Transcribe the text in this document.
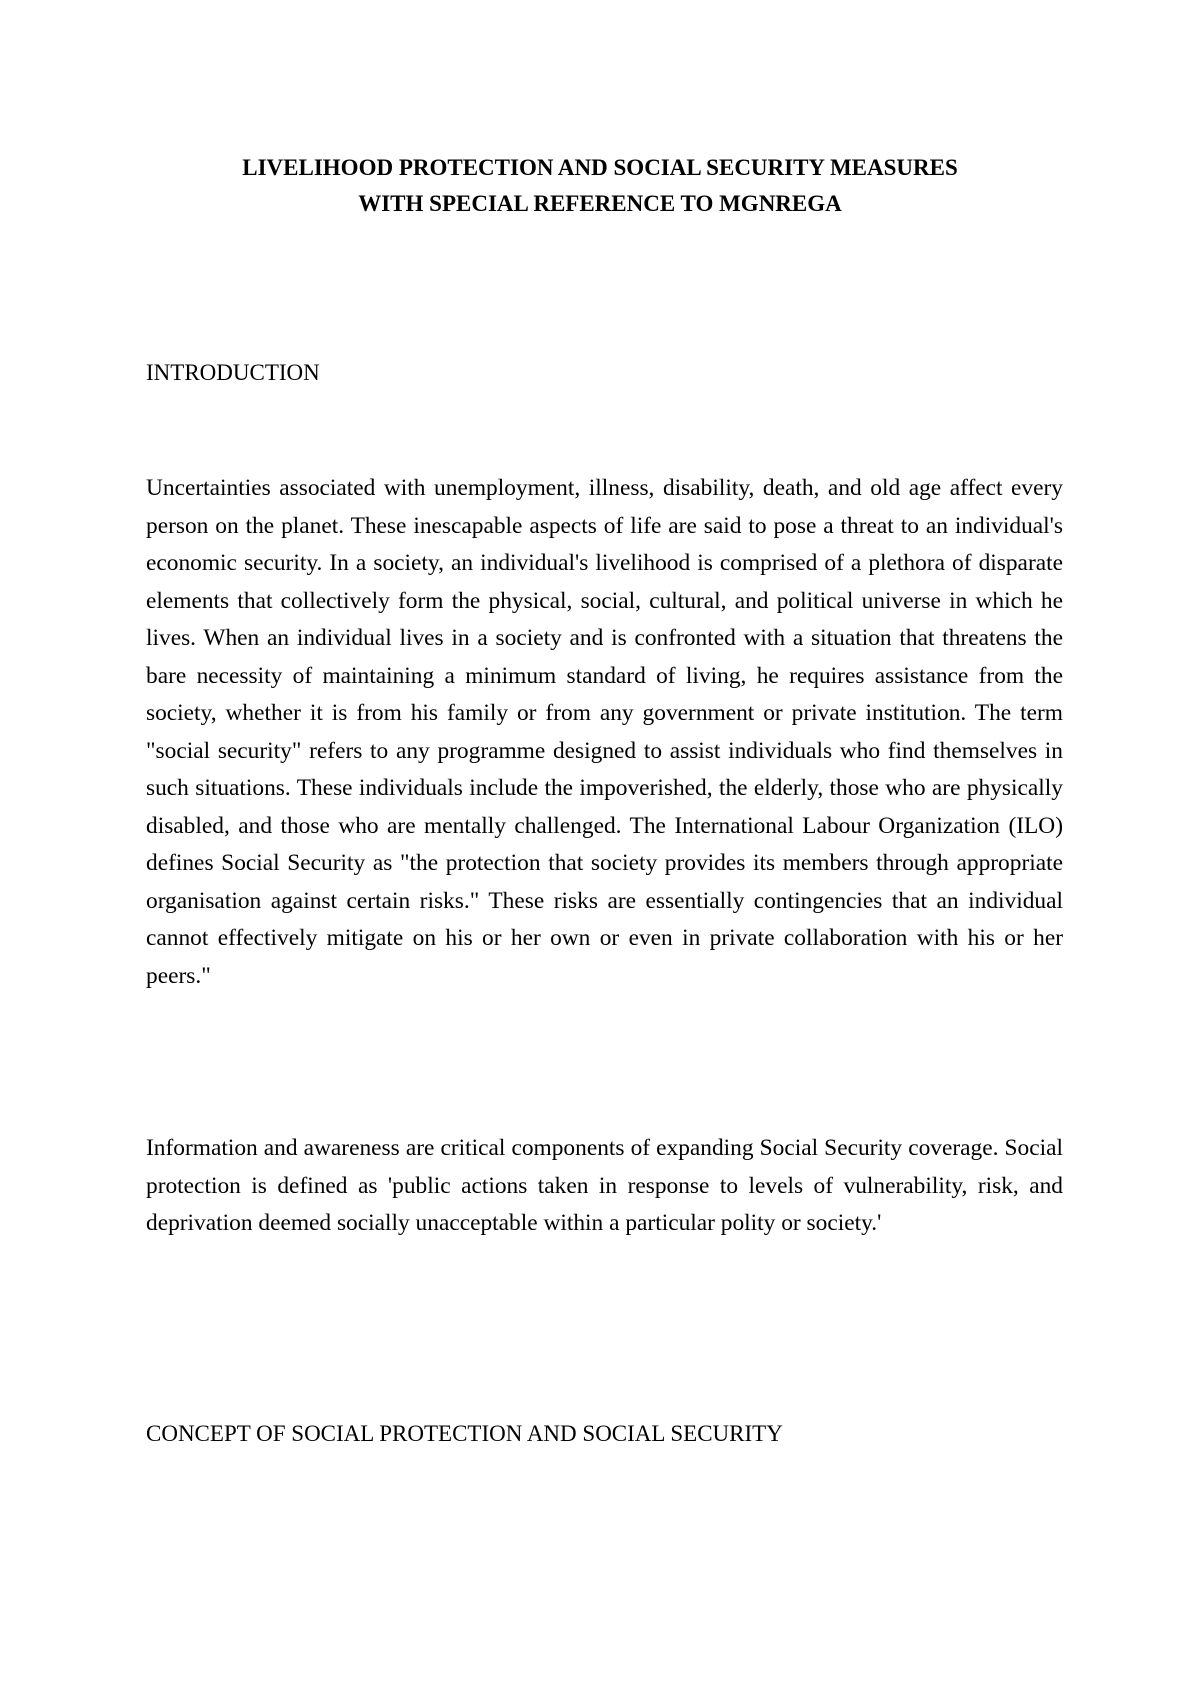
LIVELIHOOD PROTECTION AND SOCIAL SECURITY MEASURES
WITH SPECIAL REFERENCE TO MGNREGA
INTRODUCTION

Uncertainties associated with unemployment, illness, disability, death, and old age affect every person on the planet. These inescapable aspects of life are said to pose a threat to an individual's economic security. In a society, an individual's livelihood is comprised of a plethora of disparate elements that collectively form the physical, social, cultural, and political universe in which he lives. When an individual lives in a society and is confronted with a situation that threatens the bare necessity of maintaining a minimum standard of living, he requires assistance from the society, whether it is from his family or from any government or private institution. The term "social security" refers to any programme designed to assist individuals who find themselves in such situations. These individuals include the impoverished, the elderly, those who are physically disabled, and those who are mentally challenged. The International Labour Organization (ILO) defines Social Security as "the protection that society provides its members through appropriate organisation against certain risks." These risks are essentially contingencies that an individual cannot effectively mitigate on his or her own or even in private collaboration with his or her peers."

Information and awareness are critical components of expanding Social Security coverage. Social protection is defined as 'public actions taken in response to levels of vulnerability, risk, and deprivation deemed socially unacceptable within a particular polity or society.'

CONCEPT OF SOCIAL PROTECTION AND SOCIAL SECURITY
